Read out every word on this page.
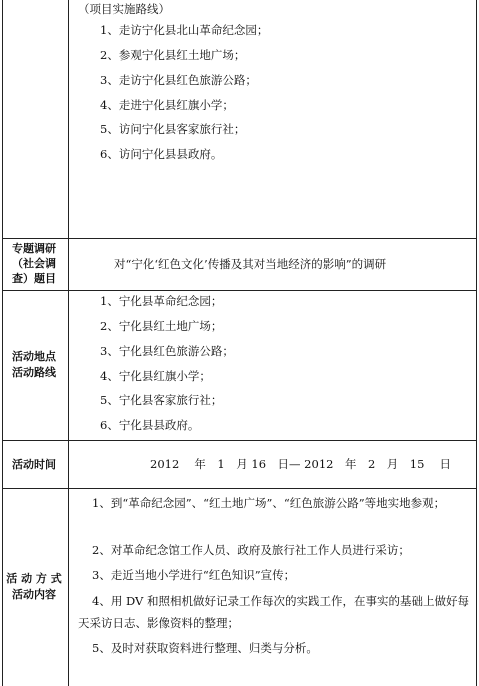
（项目实施路线）
1、走访宁化县北山革命纪念园；
2、参观宁化县红土地广场；
3、走访宁化县红色旅游公路；
4、走进宁化县红旗小学；
5、访问宁化县客家旅行社；
6、访问宁化县县政府。
专题调研
（社会调
查）题目
对“宁化‘红色文化’传播及其对当地经济的影响”的调研
活动地点
活动路线
1、宁化县革命纪念园；
2、宁化县红土地广场；
3、宁化县红色旅游公路；
4、宁化县红旗小学；
5、宁化县客家旅行社；
6、宁化县县政府。
活动时间	2012　 年　1　月 16　日— 2012　年　2　月　15　 日
活 动 方 式
活动内容
1、到“革命纪念园”、“红土地广场”、“红色旅游公路”等地实地参观；
2、对革命纪念馆工作人员、政府及旅行社工作人员进行采访；
3、走近当地小学进行“红色知识”宣传；
4、用 DV 和照相机做好记录工作每次的实践工作，在事实的基础上做好每天采访日志、影像资料的整理；
5、及时对获取资料进行整理、归类与分析。
